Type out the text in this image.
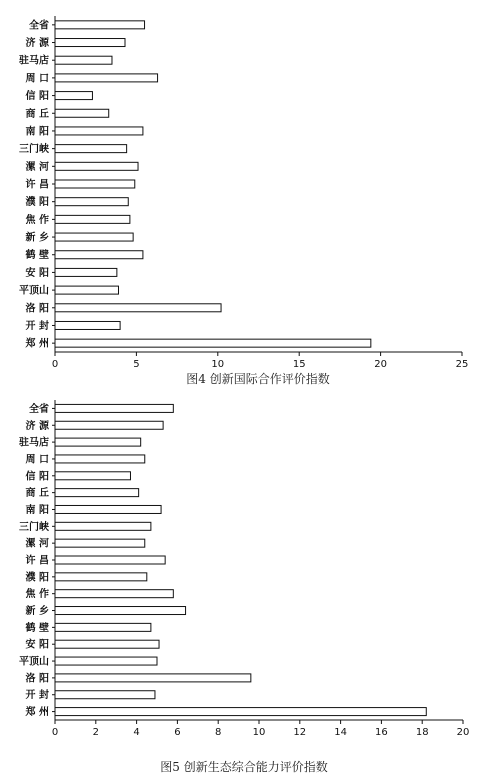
0	5	10	15	20	25
全省
济 源
驻马店
周 口
信 阳
商 丘
南 阳
三门峡
漯 河
许 昌
濮 阳
焦 作
新 乡
鹤 壁
安 阳
平顶山
洛 阳
开 封
郑 州
图4 创新国际合作评价指数
0	2	4	6	8	10	12	14	16	18	20
全省
济 源
驻马店
周 口
信 阳
商 丘
南 阳
三门峡
漯 河
许 昌
濮 阳
焦 作
新 乡
鹤 壁
安 阳
平顶山
洛 阳
开 封
郑 州
图5 创新生态综合能力评价指数
